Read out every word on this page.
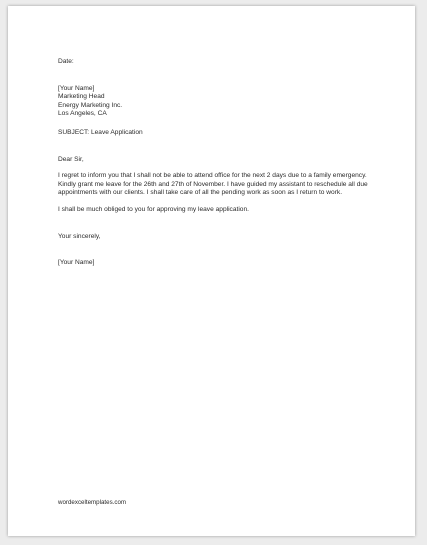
Date:
[Your Name]
Marketing Head
Energy Marketing Inc.
Los Angeles, CA
SUBJECT: Leave Application
Dear Sir,
I regret to inform you that I shall not be able to attend office for the next 2 days due to a family emergency. Kindly grant me leave for the 26th and 27th of November. I have guided my assistant to reschedule all due appointments with our clients. I shall take care of all the pending work as soon as I return to work.
I shall be much obliged to you for approving my leave application.
Your sincerely,
[Your Name]
wordexceltemplates.com
